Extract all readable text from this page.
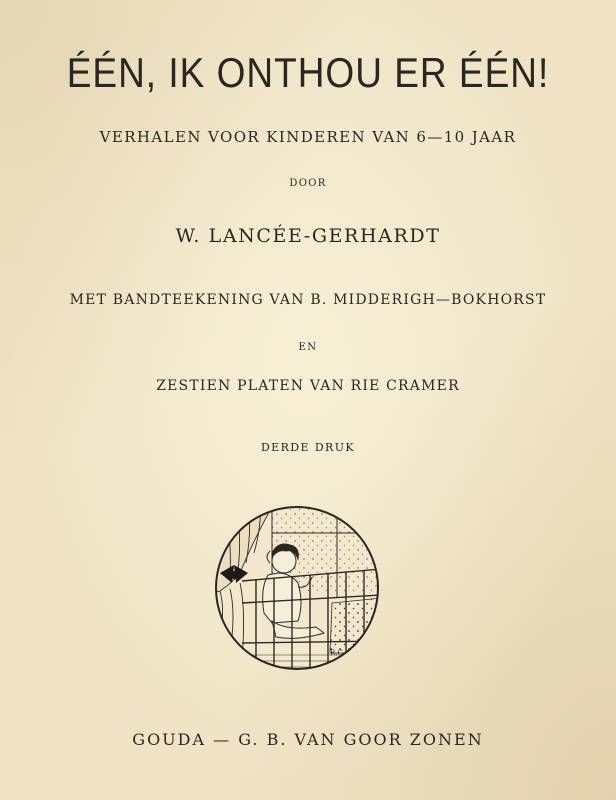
ÉÉN, IK ONTHOU ER ÉÉN!
VERHALEN VOOR KINDEREN VAN 6—10 JAAR
DOOR
W. LANCÉE-GERHARDT
MET BANDTEEKENING VAN B. MIDDERIGH—BOKHORST
EN
ZESTIEN PLATEN VAN RIE CRAMER
DERDE DRUK
R.C.
GOUDA — G. B. VAN GOOR ZONEN
